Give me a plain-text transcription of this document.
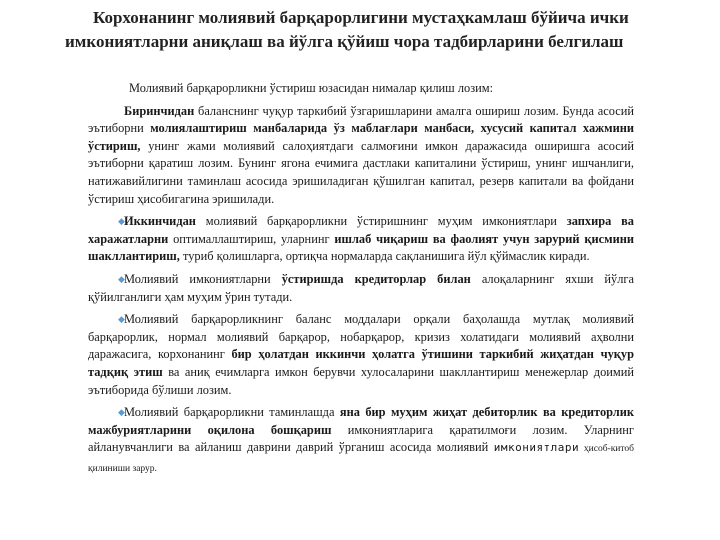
Корхонанинг молиявий барқарорлигини мустаҳкамлаш бўйича ички
имкониятларни аниқлаш ва йўлга қўйиш чора тадбирларини белгилаш

Молиявий барқарорликни ўстириш юзасидан нималар қилиш лозим:

Биринчидан баланснинг чуқур таркибий ўзгаришларини амалга ошириш лозим. Бунда асосий эътиборни молиялаштириш манбаларида ўз маблағлари манбаси, хусусий капитал хажмини ўстириш, унинг жами молиявий салоҳиятдаги салмоғини имкон даражасида оширишга асосий эътиборни қаратиш лозим. Бунинг ягона ечимига дастлаки капиталини ўстириш, унинг ишчанлиги, натижавийлигини таминлаш асосида эришиладиган қўшилган капитал, резерв капитали ва фойдани ўстириш ҳисобигагина эришилади.

◆Иккинчидан молиявий барқарорликни ўстиришнинг муҳим имкониятлари запхира ва харажатларни оптималлаштириш, уларнинг ишлаб чиқариш ва фаолият учун зарурий қисмини шакллантириш, туриб қолишларга, ортиқча нормаларда сақланишига йўл қўймаслик киради.

◆Молиявий имкониятларни ўстиришда кредиторлар билан алоқаларнинг яхши йўлга қўйилганлиги ҳам муҳим ўрин тутади.

◆Молиявий барқарорликнинг баланс моддалари орқали баҳолашда мутлақ молиявий барқарорлик, нормал молиявий барқарор, нобарқарор, кризиз холатидаги молиявий аҳволни даражасига, корхонанинг бир ҳолатдан иккинчи ҳолатга ўтишини таркибий жиҳатдан чуқур тадқиқ этиш ва аниқ ечимларга имкон берувчи хулосаларини шакллантириш менежерлар доимий эътиборида бўлиши лозим.

◆Молиявий барқарорликни таминлашда яна бир муҳим жиҳат дебиторлик ва кредиторлик мажбуриятларини оқилона бошқариш имкониятларига қаратилмоғи лозим. Уларнинг айланувчанлиги ва айланиш даврини даврий ўрганиш асосида молиявий имкониятлари ҳисоб-китоб қилиниши зарур.
